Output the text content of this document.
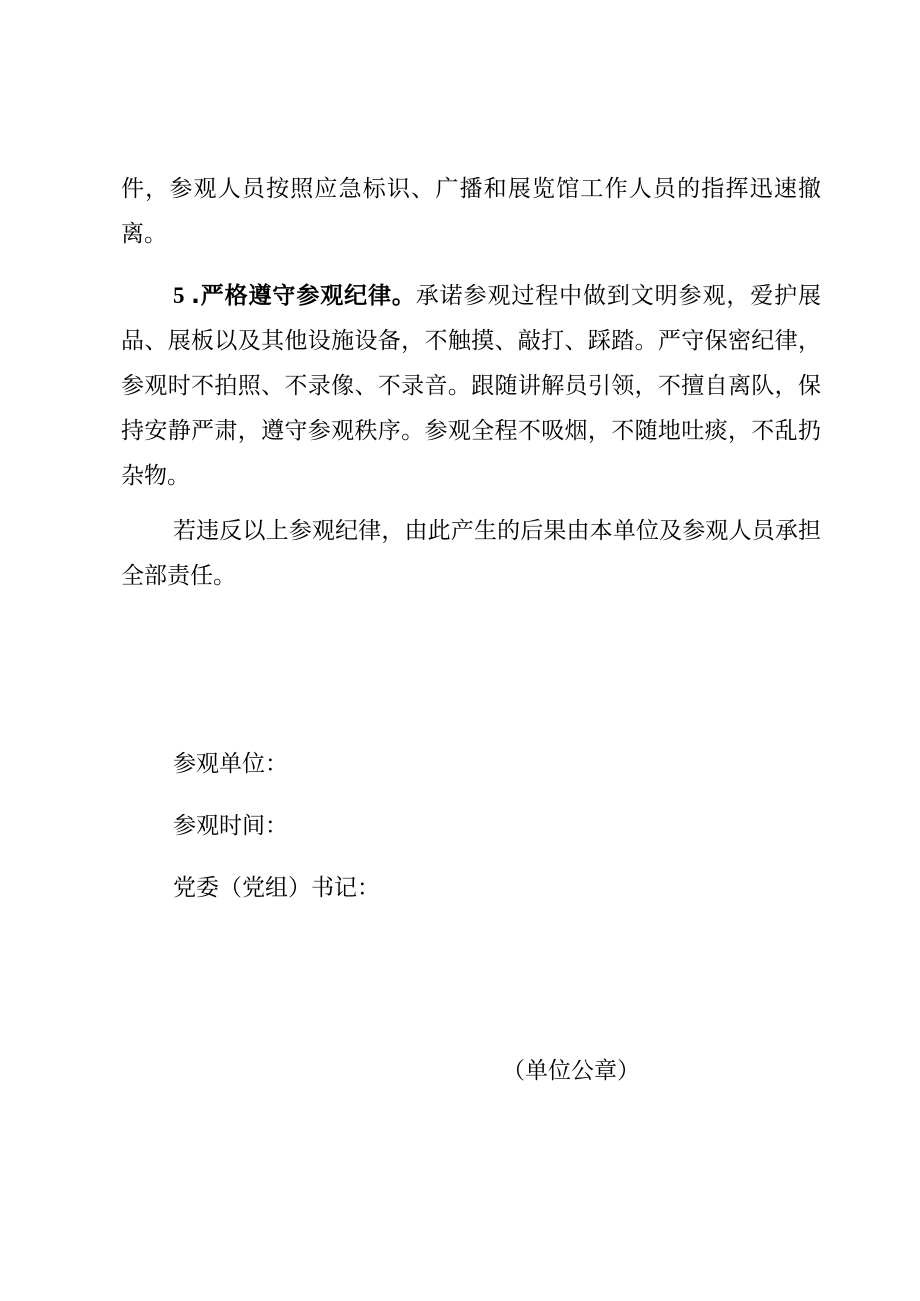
件，参观人员按照应急标识、广播和展览馆工作人员的指挥迅速撤离。

5 .严格遵守参观纪律。承诺参观过程中做到文明参观，爱护展品、展板以及其他设施设备，不触摸、敲打、踩踏。严守保密纪律，参观时不拍照、不录像、不录音。跟随讲解员引领，不擅自离队，保持安静严肃，遵守参观秩序。参观全程不吸烟，不随地吐痰，不乱扔杂物。

若违反以上参观纪律，由此产生的后果由本单位及参观人员承担全部责任。

参观单位：

参观时间：

党委（党组）书记：

（单位公章）
